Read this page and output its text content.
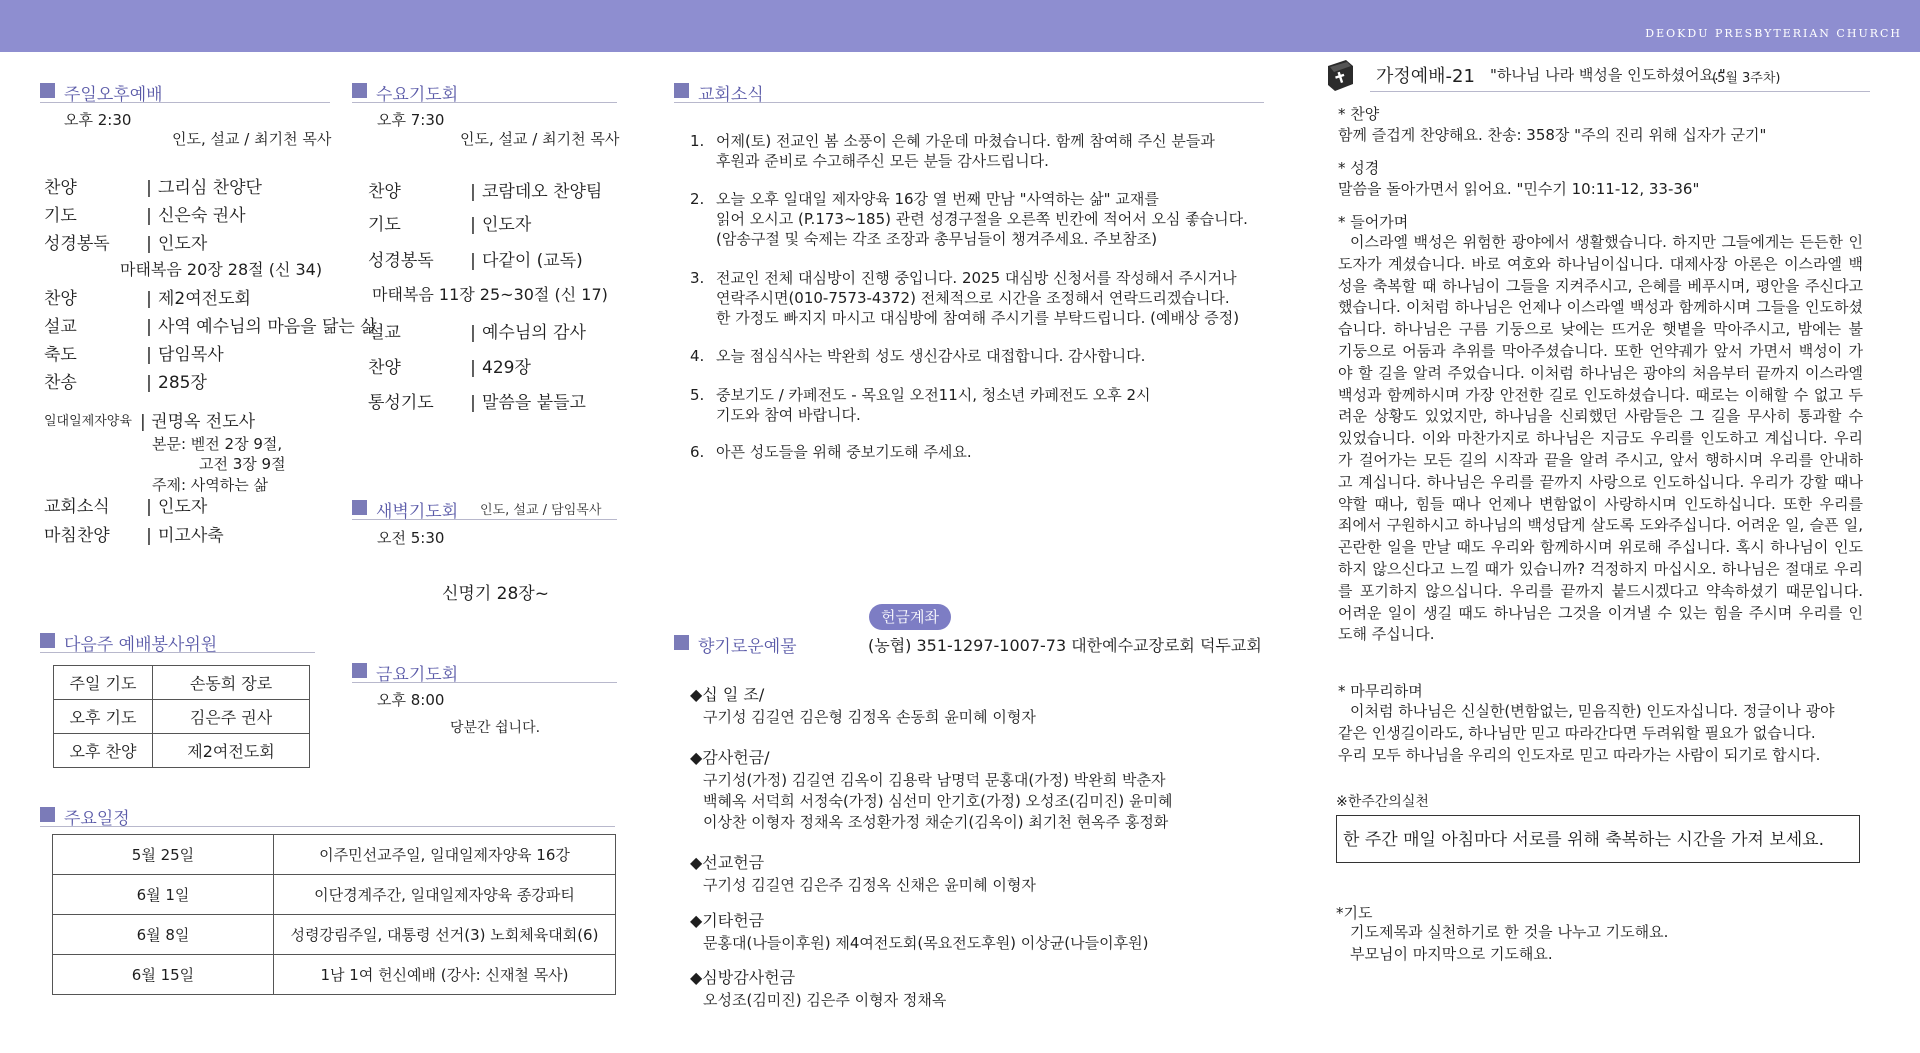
DEOKDU PRESBYTERIAN CHURCH
주일오후예배
오후 2:30
인도, 설교 / 최기천 목사
찬양	| 그리심 찬양단
기도	| 신은숙 권사
성경봉독 | 인도자
찬양	| 제2여전도회
설교	| 사역 예수님의 마음을 닮는 삶
축도	| 담임목사
찬송	| 285장
교회소식 | 인도자
마침찬양 | 미고사축
마태복음 20장 28절 (신 34)
일대일제자양육 | 권명옥 전도사
본문: 벧전 2장 9절,
고전 3장 9절
주제: 사역하는 삶
수요기도회
오후 7:30
인도, 설교 / 최기천 목사
찬양	| 코람데오 찬양팀
기도	| 인도자
성경봉독 | 다같이 (교독)
설교	| 예수님의 감사
찬양	| 429장
통성기도 | 말씀을 붙들고
마태복음 11장 25~30절 (신 17)
새벽기도회 인도, 설교 / 담임목사
오전 5:30
신명기 28장~
금요기도회
오후 8:00
당분간 쉽니다.
다음주 예배봉사위원
주일 기도	손동희 장로
오후 기도	김은주 권사
오후 찬양	제2여전도회
주요일정
5월 25일	이주민선교주일, 일대일제자양육 16강
6월 1일	이단경계주간, 일대일제자양육 종강파티
6월 8일	성령강림주일, 대통령 선거(3) 노회체육대회(6)
6월 15일	1남 1여 헌신예배 (강사: 신재철 목사)
교회소식
1. 어제(토) 전교인 봄 소풍이 은혜 가운데 마쳤습니다. 함께 참여해 주신 분들과
후원과 준비로 수고해주신 모든 분들 감사드립니다.
2. 오늘 오후 일대일 제자양육 16강 열 번째 만남 "사역하는 삶" 교재를
읽어 오시고 (P.173~185) 관련 성경구절을 오른쪽 빈칸에 적어서 오심 좋습니다.
(암송구절 및 숙제는 각조 조장과 총무님들이 챙겨주세요. 주보참조)
3. 전교인 전체 대심방이 진행 중입니다. 2025 대심방 신청서를 작성해서 주시거나
연락주시면(010-7573-4372) 전체적으로 시간을 조정해서 연락드리겠습니다.
한 가정도 빠지지 마시고 대심방에 참여해 주시기를 부탁드립니다. (예배상 증정)
4. 오늘 점심식사는 박완희 성도 생신감사로 대접합니다. 감사합니다.
5. 중보기도 / 카페전도 - 목요일 오전11시, 청소년 카페전도 오후 2시
기도와 참여 바랍니다.
6. 아픈 성도들을 위해 중보기도해 주세요.
헌금계좌
향기로운예물	(농협) 351-1297-1007-73 대한예수교장로회 덕두교회
◆십 일 조/
구기성 김길연 김은형 김정옥 손동희 윤미혜 이형자
◆감사헌금/
구기성(가정) 김길연 김옥이 김용락 남명덕 문홍대(가정) 박완희 박춘자
백혜옥 서덕희 서정숙(가정) 심선미 안기호(가정) 오성조(김미진) 윤미혜
이상찬 이형자 정채옥 조성환가정 채순기(김옥이) 최기천 현옥주 홍정화
◆선교헌금
구기성 김길연 김은주 김정옥 신채은 윤미혜 이형자
◆기타헌금
문홍대(나들이후원) 제4여전도회(목요전도후원) 이상균(나들이후원)
◆심방감사헌금
오성조(김미진) 김은주 이형자 정채옥
가정예배-21 "하나님 나라 백성을 인도하셨어요."
(5월 3주차)
* 찬양
함께 즐겁게 찬양해요. 찬송: 358장 "주의 진리 위해 십자가 군기"
* 성경
말씀을 돌아가면서 읽어요. "민수기 10:11-12, 33-36"
* 들어가며
이스라엘 백성은 위험한 광야에서 생활했습니다. 하지만 그들에게는 든든한 인
도자가 계셨습니다. 바로 여호와 하나님이십니다. 대제사장 아론은 이스라엘 백
성을 축복할 때 하나님이 그들을 지켜주시고, 은혜를 베푸시며, 평안을 주신다고
했습니다. 이처럼 하나님은 언제나 이스라엘 백성과 함께하시며 그들을 인도하셨
습니다. 하나님은 구름 기둥으로 낮에는 뜨거운 햇볕을 막아주시고, 밤에는 불
기둥으로 어둠과 추위를 막아주셨습니다. 또한 언약궤가 앞서 가면서 백성이 가
야 할 길을 알려 주었습니다. 이처럼 하나님은 광야의 처음부터 끝까지 이스라엘
백성과 함께하시며 가장 안전한 길로 인도하셨습니다. 때로는 이해할 수 없고 두
려운 상황도 있었지만, 하나님을 신뢰했던 사람들은 그 길을 무사히 통과할 수
있었습니다. 이와 마찬가지로 하나님은 지금도 우리를 인도하고 계십니다. 우리
가 걸어가는 모든 길의 시작과 끝을 알려 주시고, 앞서 행하시며 우리를 안내하
고 계십니다. 하나님은 우리를 끝까지 사랑으로 인도하십니다. 우리가 강할 때나
약할 때나, 힘들 때나 언제나 변함없이 사랑하시며 인도하십니다. 또한 우리를
죄에서 구원하시고 하나님의 백성답게 살도록 도와주십니다. 어려운 일, 슬픈 일,
곤란한 일을 만날 때도 우리와 함께하시며 위로해 주십니다. 혹시 하나님이 인도
하지 않으신다고 느낄 때가 있습니까? 걱정하지 마십시오. 하나님은 절대로 우리
를 포기하지 않으십니다. 우리를 끝까지 붙드시겠다고 약속하셨기 때문입니다.
어려운 일이 생길 때도 하나님은 그것을 이겨낼 수 있는 힘을 주시며 우리를 인
도해 주십니다.
* 마무리하며
이처럼 하나님은 신실한(변함없는, 믿음직한) 인도자십니다. 정글이나 광야
같은 인생길이라도, 하나님만 믿고 따라간다면 두려워할 필요가 없습니다.
우리 모두 하나님을 우리의 인도자로 믿고 따라가는 사람이 되기로 합시다.
※한주간의실천
한 주간 매일 아침마다 서로를 위해 축복하는 시간을 가져 보세요.
*기도
기도제목과 실천하기로 한 것을 나누고 기도해요.
부모님이 마지막으로 기도해요.
